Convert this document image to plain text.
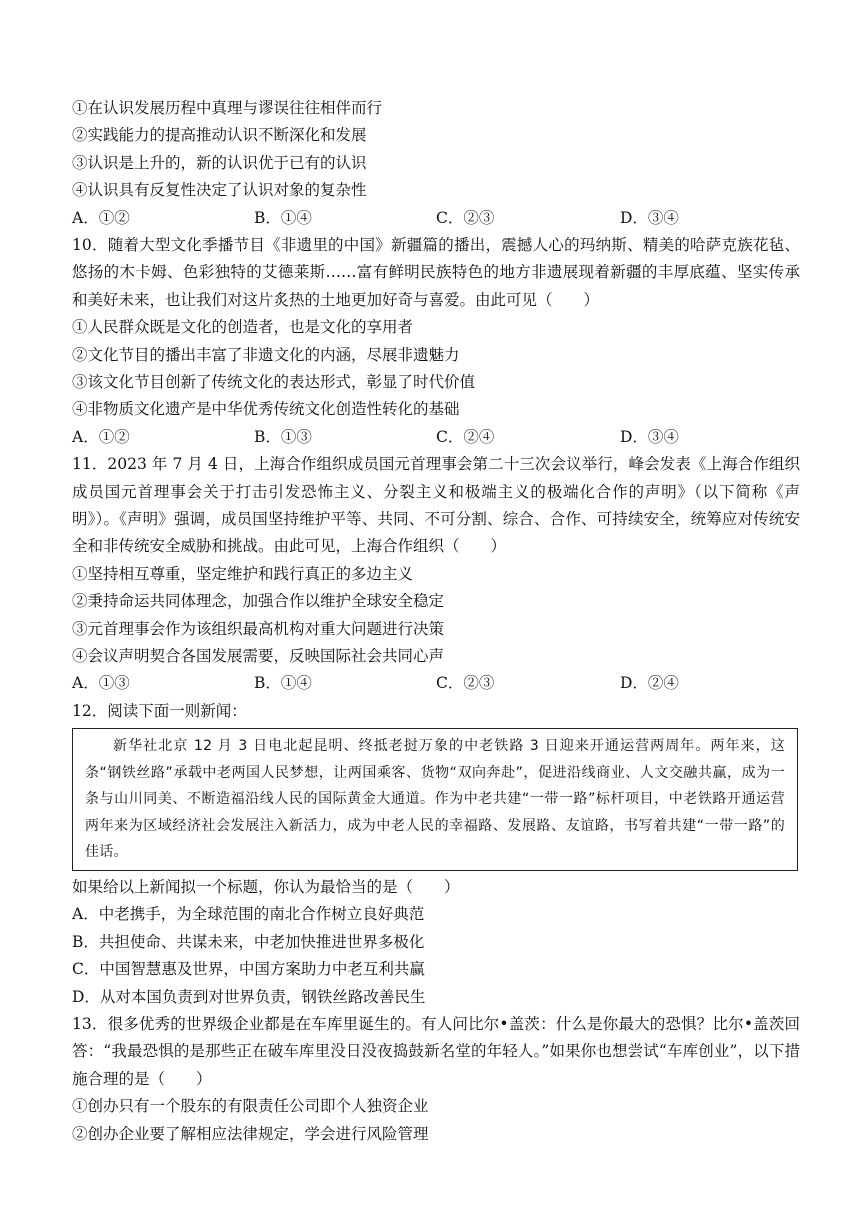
①在认识发展历程中真理与谬误往往相伴而行
②实践能力的提高推动认识不断深化和发展
③认识是上升的，新的认识优于已有的认识
④认识具有反复性决定了认识对象的复杂性
A．①②	B．①④	C．②③	D．③④
10．随着大型文化季播节目《非遗里的中国》新疆篇的播出，震撼人心的玛纳斯、精美的哈萨克族花毡、悠扬的木卡姆、色彩独特的艾德莱斯……富有鲜明民族特色的地方非遗展现着新疆的丰厚底蕴、坚实传承和美好未来，也让我们对这片炙热的土地更加好奇与喜爱。由此可见（　　）
①人民群众既是文化的创造者，也是文化的享用者
②文化节目的播出丰富了非遗文化的内涵，尽展非遗魅力
③该文化节目创新了传统文化的表达形式，彰显了时代价值
④非物质文化遗产是中华优秀传统文化创造性转化的基础
A．①②	B．①③	C．②④	D．③④
11．2023 年 7 月 4 日，上海合作组织成员国元首理事会第二十三次会议举行，峰会发表《上海合作组织成员国元首理事会关于打击引发恐怖主义、分裂主义和极端主义的极端化合作的声明》（以下简称《声明》）。《声明》强调，成员国坚持维护平等、共同、不可分割、综合、合作、可持续安全，统筹应对传统安全和非传统安全威胁和挑战。由此可见，上海合作组织（　　）
①坚持相互尊重，坚定维护和践行真正的多边主义
②秉持命运共同体理念，加强合作以维护全球安全稳定
③元首理事会作为该组织最高机构对重大问题进行决策
④会议声明契合各国发展需要，反映国际社会共同心声
A．①③	B．①④	C．②③	D．②④
12．阅读下面一则新闻：
新华社北京 12 月 3 日电北起昆明、终抵老挝万象的中老铁路 3 日迎来开通运营两周年。两年来，这条“钢铁丝路”承载中老两国人民梦想，让两国乘客、货物“双向奔赴”，促进沿线商业、人文交融共赢，成为一条与山川同美、不断造福沿线人民的国际黄金大通道。作为中老共建“一带一路”标杆项目，中老铁路开通运营两年来为区域经济社会发展注入新活力，成为中老人民的幸福路、发展路、友谊路，书写着共建“一带一路”的佳话。
如果给以上新闻拟一个标题，你认为最恰当的是（　　）
A．中老携手，为全球范围的南北合作树立良好典范
B．共担使命、共谋未来，中老加快推进世界多极化
C．中国智慧惠及世界，中国方案助力中老互利共赢
D．从对本国负责到对世界负责，钢铁丝路改善民生
13．很多优秀的世界级企业都是在车库里诞生的。有人问比尔•盖茨：什么是你最大的恐惧？比尔•盖茨回答：“我最恐惧的是那些正在破车库里没日没夜捣鼓新名堂的年轻人。”如果你也想尝试“车库创业”，以下措施合理的是（　　）
①创办只有一个股东的有限责任公司即个人独资企业
②创办企业要了解相应法律规定，学会进行风险管理
